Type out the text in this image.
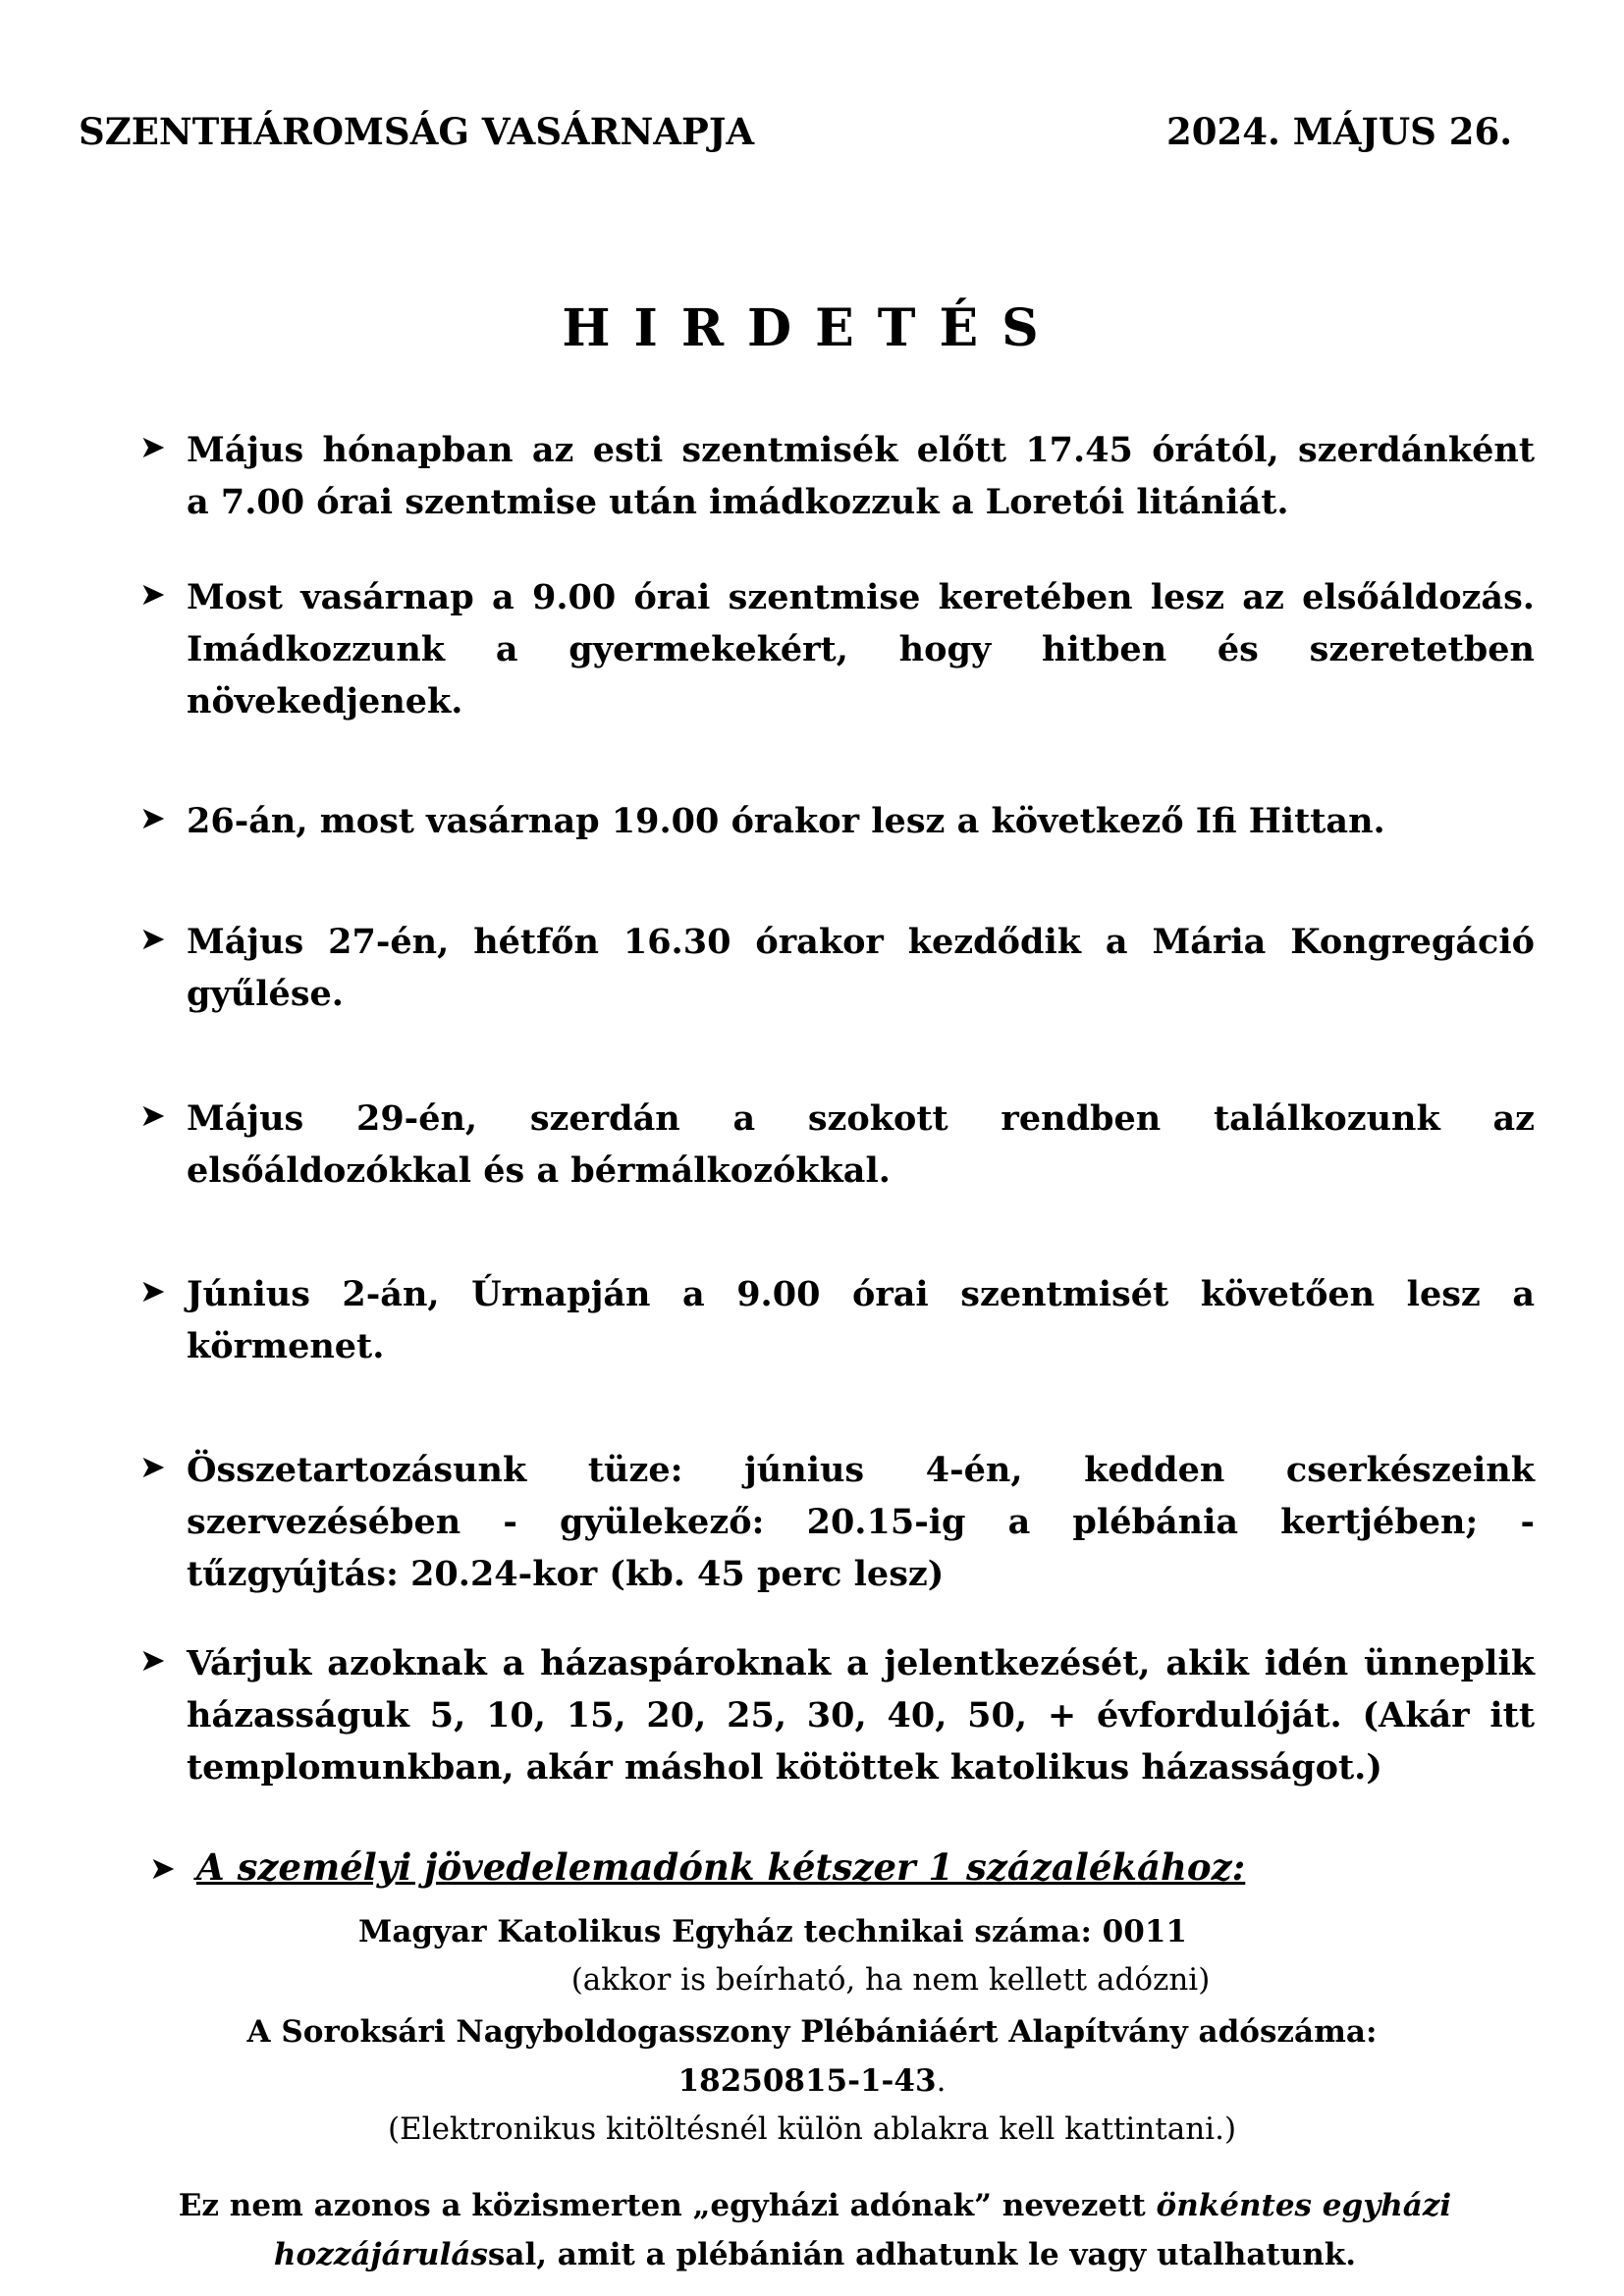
SZENTHÁROMSÁG VASÁRNAPJA	2024. MÁJUS 26.
HIRDETÉS
➤ Május hónapban az esti szentmisék előtt 17.45 órától, szerdánként
a 7.00 órai szentmise után imádkozzuk a Loretói litániát.
➤ Most vasárnap a 9.00 órai szentmise keretében lesz az elsőáldozás.
Imádkozzunk a gyermekekért, hogy hitben és szeretetben
növekedjenek.
➤ 26-án, most vasárnap 19.00 órakor lesz a következő Ifi Hittan.
➤ Május 27-én, hétfőn 16.30 órakor kezdődik a Mária Kongregáció
gyűlése.
➤ Május 29-én, szerdán a szokott rendben találkozunk az
elsőáldozókkal és a bérmálkozókkal.
➤ Június 2-án, Úrnapján a 9.00 órai szentmisét követően lesz a
körmenet.
➤ Összetartozásunk tüze: június 4-én, kedden cserkészeink
szervezésében - gyülekező: 20.15-ig a plébánia kertjében; -
tűzgyújtás: 20.24-kor (kb. 45 perc lesz)
➤ Várjuk azoknak a házaspároknak a jelentkezését, akik idén ünneplik
házasságuk 5, 10, 15, 20, 25, 30, 40, 50, + évfordulóját. (Akár itt
templomunkban, akár máshol kötöttek katolikus házasságot.)
➤ A személyi jövedelemadónk kétszer 1 százalékához:
Magyar Katolikus Egyház technikai száma: 0011
(akkor is beírható, ha nem kellett adózni)
A Soroksári Nagyboldogasszony Plébániáért Alapítvány adószáma:
18250815-1-43.
(Elektronikus kitöltésnél külön ablakra kell kattintani.)
Ez nem azonos a közismerten „egyházi adónak” nevezett önkéntes egyházi
hozzájárulással, amit a plébánián adhatunk le vagy utalhatunk.
